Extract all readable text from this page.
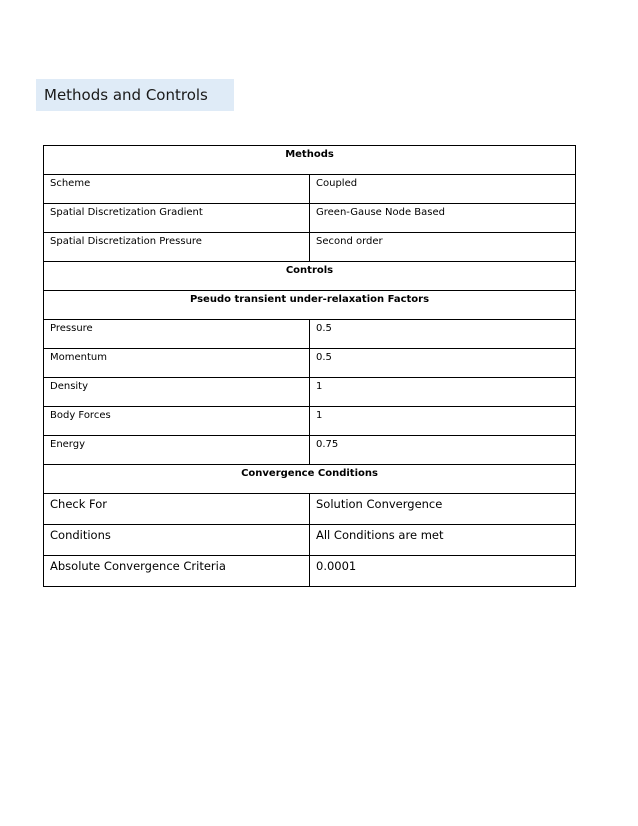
Methods and Controls
Methods	
Scheme	Coupled
Spatial Discretization Gradient	Green-Gause Node Based
Spatial Discretization Pressure	Second order
Controls	
Pseudo transient under-relaxation Factors	
Pressure	0.5
Momentum	0.5
Density	1
Body Forces	1
Energy	0.75
Convergence Conditions	
Check For	Solution Convergence
Conditions	All Conditions are met
Absolute Convergence Criteria	0.0001
